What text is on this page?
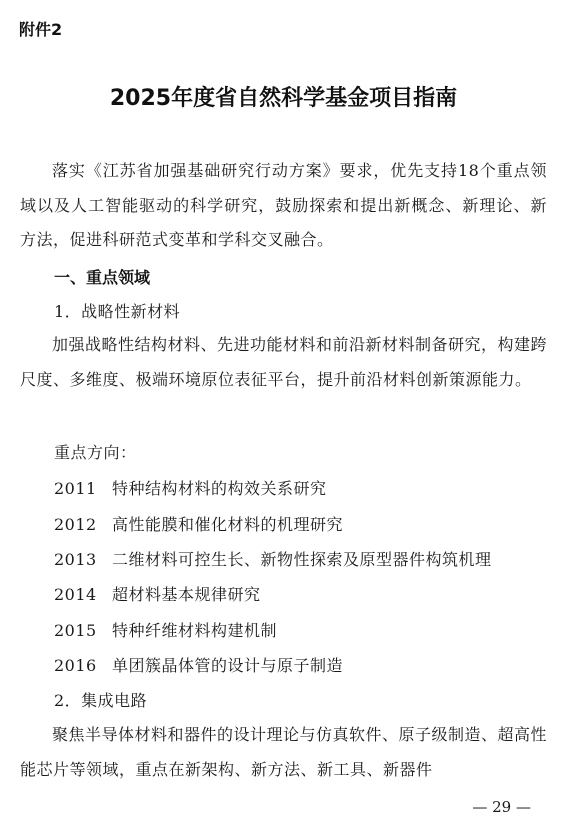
附件2

2025年度省自然科学基金项目指南

落实《江苏省加强基础研究行动方案》要求，优先支持18个重点领域以及人工智能驱动的科学研究，鼓励探索和提出新概念、新理论、新方法，促进科研范式变革和学科交叉融合。

一、重点领域

1．战略性新材料

加强战略性结构材料、先进功能材料和前沿新材料制备研究，构建跨尺度、多维度、极端环境原位表征平台，提升前沿材料创新策源能力。

重点方向：

2011 特种结构材料的构效关系研究

2012 高性能膜和催化材料的机理研究

2013 二维材料可控生长、新物性探索及原型器件构筑机理

2014 超材料基本规律研究

2015 特种纤维材料构建机制

2016 单团簇晶体管的设计与原子制造

2．集成电路

聚焦半导体材料和器件的设计理论与仿真软件、原子级制造、超高性能芯片等领域，重点在新架构、新方法、新工具、新器件

— 29 —
